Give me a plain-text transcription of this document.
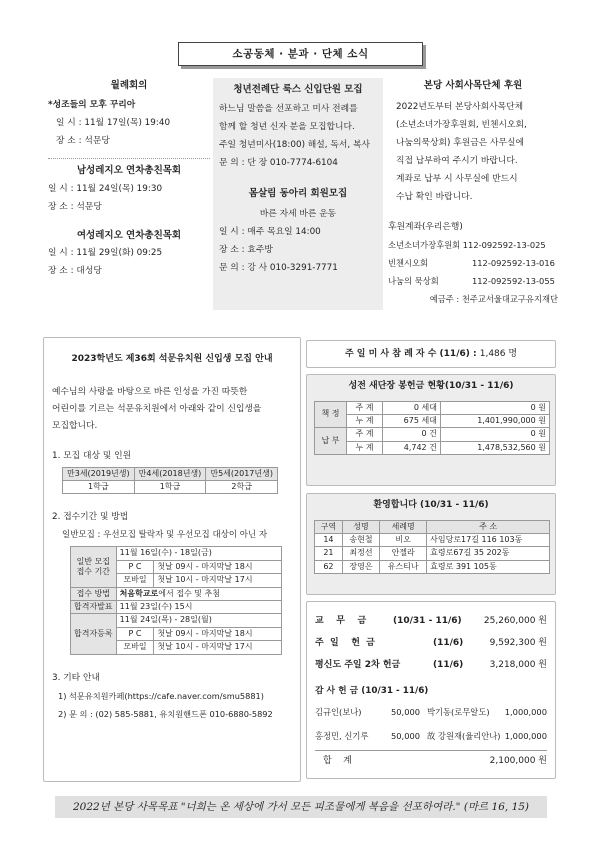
소공동체 · 분과 · 단체 소식
월례회의
*성조들의 모후 꾸리아
일 시 : 11월 17일(목) 19:40
장 소 : 석문당
남성레지오 연차총친목회
일 시 : 11월 24일(목) 19:30
장 소 : 석문당
여성레지오 연차총친목회
일 시 : 11월 29일(화) 09:25
장 소 : 대성당
청년전례단 룩스 신입단원 모집
하느님 말씀을 선포하고 미사 전례를
함께 할 청년 신자 분을 모집합니다.
주일 청년미사(18:00) 해설, 독서, 복사
문 의 : 단 장 010-7774-6104
몸살림 동아리 회원모집
바른 자세 바른 운동
일 시 : 매주 목요일 14:00
장 소 : 효주방
문 의 : 강 사 010-3291-7771
본당 사회사목단체 후원
2022년도부터 본당사회사목단체
(소년소녀가장후원회, 빈첸시오회,
나눔의묵상회) 후원금은 사무실에
직접 납부하여 주시기 바랍니다.
계좌로 납부 시 사무실에 반드시
수납 확인 바랍니다.
후원계좌(우리은행)
소년소녀가장후원회 112-092592-13-025
빈첸시오회	112-092592-13-016
나눔의 묵상회	112-092592-13-055
예금주 : 천주교서울대교구유지재단
2023학년도 제36회 석문유치원 신입생 모집 안내
예수님의 사랑을 바탕으로 바른 인성을 가진 따뜻한
어린이를 기르는 석문유치원에서 아래와 같이 신입생을
모집합니다.
1. 모집 대상 및 인원
만3세(2019년생)	만4세(2018년생)	만5세(2017년생)
1학급	1학급	2학급
2. 접수기간 및 방법
일반모집 : 우선모집 탈락자 및 우선모집 대상이 아닌 자
일반 모집 접수 기간	11월 16일(수) - 18일(금)	
	P C	첫날 09시 - 마지막날 18시
	모바일	첫날 10시 - 마지막날 17시
접수 방법	처음학교로에서 접수 및 추첨	
합격자발표	11월 23일(수) 15시	
합격자등록	11월 24일(목) - 28일(월)	
	P C	첫날 09시 - 마지막날 18시
	모바일	첫날 10시 - 마지막날 17시
3. 기타 안내
1) 석문유치원카페(https://cafe.naver.com/smu5881)
2) 문 의 : (02) 585-5881, 유치원핸드폰 010-6880-5892
주 일 미 사 참 례 자 수 (11/6) : 1,486 명
성전 새단장 봉헌금 현황(10/31 - 11/6)
책 정	주 계	0 세대	0 원
	누 계	675 세대	1,401,990,000 원
납 부	주 계	0 건	0 원
	누 계	4,742 건	1,478,532,560 원
환영합니다 (10/31 - 11/6)
구역	성명	세례명	주 소
14	송현철	비오	사임당로17길 116 103동
21	최정선	안젤라	효령로67길 35 202동
62	장영은	유스티나	효령로 391 105동
교    무    금	(10/31 - 11/6) 25,260,000 원
주  일    헌  금	(11/6)	9,592,300 원
평신도 주일 2차 헌금	(11/6)	3,218,000 원
감 사 헌 금 (10/31 - 11/6)
김규인(보나)	50,000 박기동(로무알도) 1,000,000
홍정민, 신기루	50,000 故 강원재(율리안나) 1,000,000
합    계	2,100,000 원
2022년 본당 사목목표 "너희는 온 세상에 가서 모든 피조물에게 복음을 선포하여라." (마르 16, 15)
